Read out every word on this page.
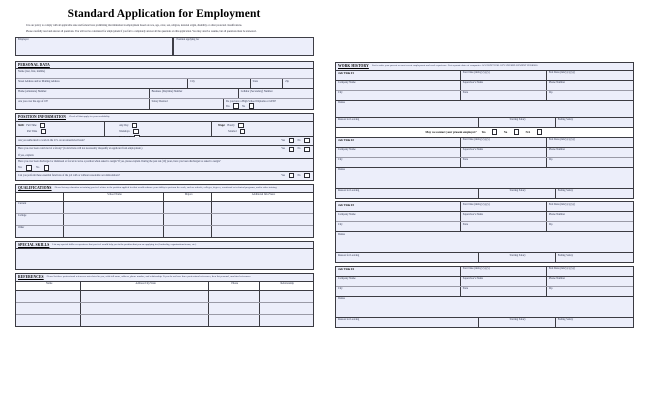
Standard Application for Employment

It is our policy to comply with all applicable state and federal laws prohibiting discrimination in employment based on race, age, color, sex, religion, national origin, disability or other protected classifications.

Please carefully read and answer all questions. You will not be considered for employment if you fail to completely answer all the questions on this application. You may attach a resume, but all questions must be answered.

Employer	Position applying for
PERSONAL DATA
Name (last, first, middle)
Street Address and/or Mailing Address	City	State	Zip
Home (Alternate) Number	Business (Daytime) Number	Cellular (Secondary) Number
Are you over the age of 18?	Salary Desired	Do you have a High School Diploma or GED?
Yes	No
POSITION INFORMATION Check all that apply for your availability
Shift: Full Time
Part Time
Any Day
Weekdays
Wage: Hourly
Salaried
Are you authorized to work in the U.S. on an unrestricted basis?	Yes	No
Have you ever been convicted of a felony? (Convictions will not necessarily disqualify an applicant from employment.)	Yes	No
If yes, explain:
Have you ever been discharged or dismissed or forced to leave a position when asked to resign? If yes, please explain. During the past ten (10) years, have you been discharged or asked to resign?
Yes	No
Can you perform these essential functions of the job with or without reasonable accommodations?	Yes	No
QUALIFICATIONS Please list any education or training you feel relates to the position applied for that would enhance your ability to perform the work, such as schools, colleges, degrees, vocational or technical programs, and/or other training.
School Name	Majors	Additional Info/Years
Current
College
Other
SPECIAL SKILLS List any special skills or experience that you feel would help you in the position that you are applying for (leadership, organizations/teams, etc.)
REFERENCES Please list three professional references not related to you, with full name, address, phone number, and relationship. If you do not have three professional references, then list personal, unrelated references.
Name	Address/City/State	Phone	Relationship
WORK HISTORY List in order your present or most recent employment and work experience. List separate dates of companies. ACCOUNT FOR ANY UNEMPLOYMENT PERIODS.
Job Title #1	Start Date (mm/yy/yyyy)	End Date (mm/yy/yyyy)
Company Name	Supervisor's Name	Phone Number
City	State	Zip
Duties
Reason for Leaving	Starting Salary	Ending Salary
May we contact your present employer? Yes	No	N/A
Job Title #2	Start Date (mm/yy/yyyy)	End Date (mm/yy/yyyy)
Company Name	Supervisor's Name	Phone Number
City	State	Zip
Duties
Reason for Leaving	Starting Salary	Ending Salary
Job Title #3	Start Date (mm/yy/yyyy)	End Date (mm/yy/yyyy)
Company Name	Supervisor's Name	Phone Number
City	State	Zip
Duties
Reason for Leaving	Starting Salary	Ending Salary
Job Title #4	Start Date (mm/yy/yyyy)	End Date (mm/yy/yyyy)
Company Name	Supervisor's Name	Phone Number
City	State	Zip
Duties
Reason for Leaving	Starting Salary	Ending Salary
